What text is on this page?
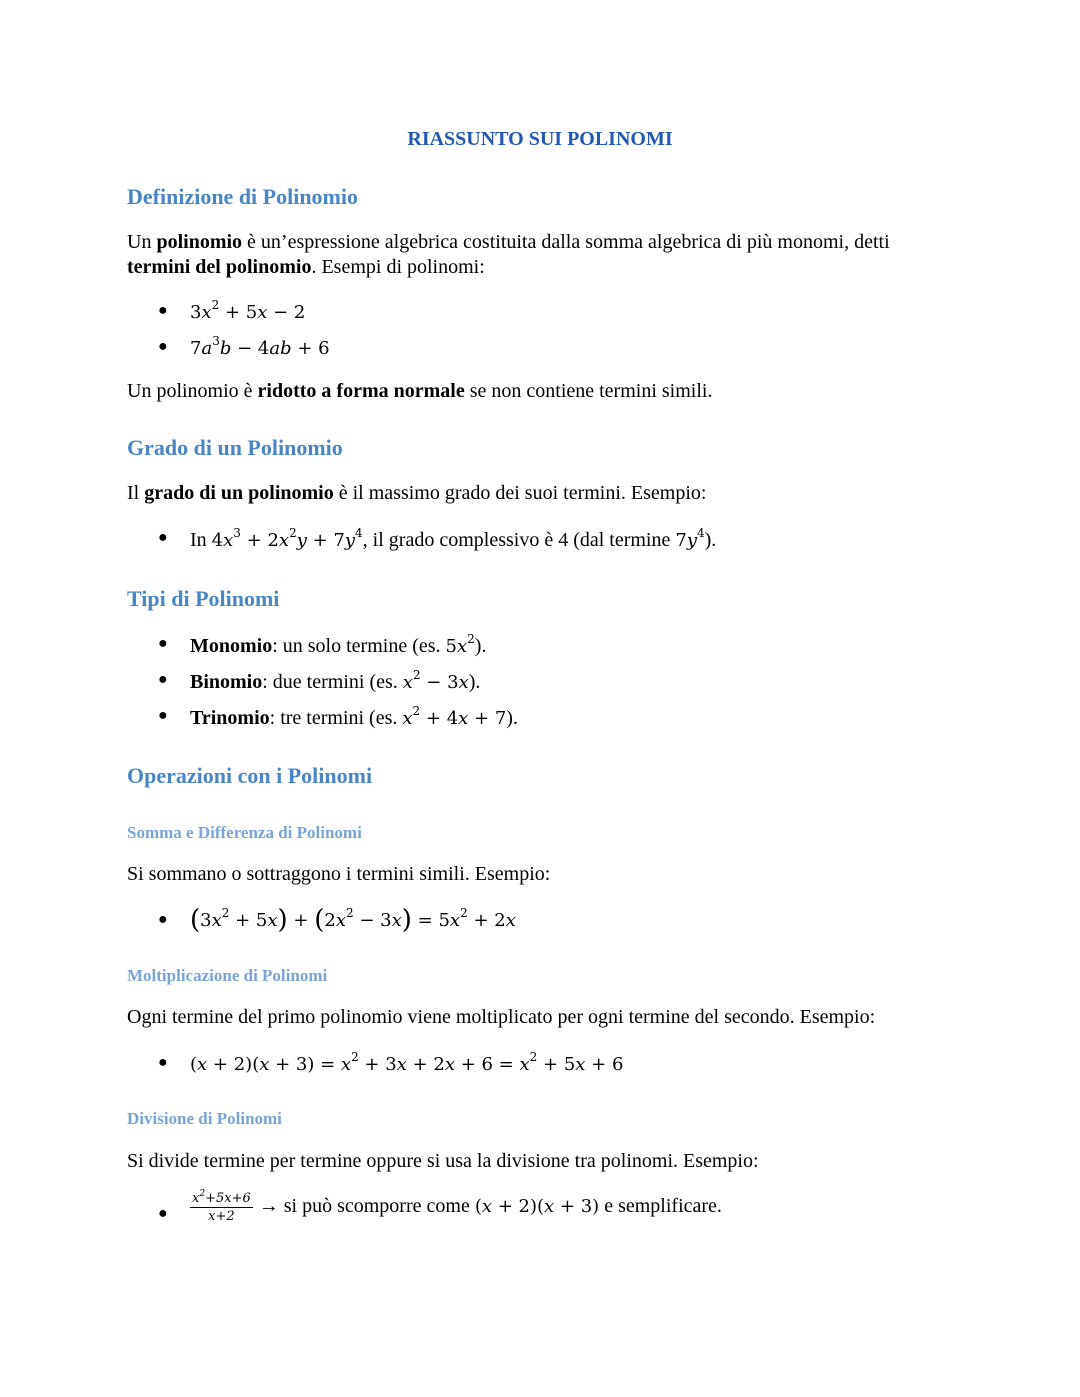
RIASSUNTO SUI POLINOMI
Definizione di Polinomio
Un polinomio è un’espressione algebrica costituita dalla somma algebrica di più monomi, detti
termini del polinomio. Esempi di polinomi:
● $3x^2 + 5x - 2$
● $7a^3b - 4ab + 6$
Un polinomio è ridotto a forma normale se non contiene termini simili.
Grado di un Polinomio
Il grado di un polinomio è il massimo grado dei suoi termini. Esempio:
● In $4x^3 + 2x^2y + 7y^4$, il grado complessivo è 4 (dal termine $7y^4$).
Tipi di Polinomi
● Monomio: un solo termine (es. $5x^2$).
● Binomio: due termini (es. $x^2 - 3x$).
● Trinomio: tre termini (es. $x^2 + 4x + 7$).
Operazioni con i Polinomi
Somma e Differenza di Polinomi
Si sommano o sottraggono i termini simili. Esempio:
● $(3x^2 + 5x) + (2x^2 - 3x) = 5x^2 + 2x$
Moltiplicazione di Polinomi
Ogni termine del primo polinomio viene moltiplicato per ogni termine del secondo. Esempio:
● $(x + 2)(x + 3) = x^2 + 3x + 2x + 6 = x^2 + 5x + 6$
Divisione di Polinomi
Si divide termine per termine oppure si usa la divisione tra polinomi. Esempio:
● $\frac{x^2+5x+6}{x+2}$ → si può scomporre come (x + 2)(x + 3) e semplificare.
